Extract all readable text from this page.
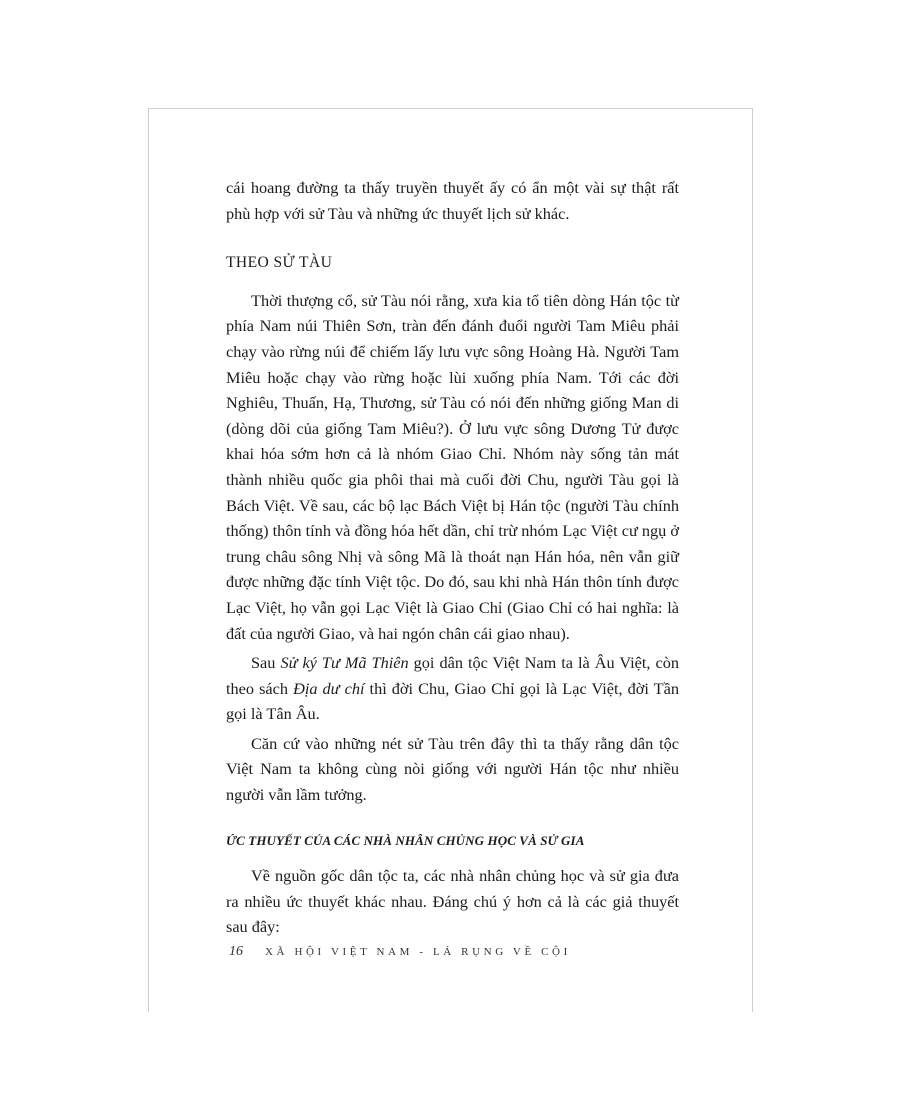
cái hoang đường ta thấy truyền thuyết ấy có ẩn một vài sự thật rất phù hợp với sử Tàu và những ức thuyết lịch sử khác.

THEO SỬ TÀU

Thời thượng cổ, sử Tàu nói rằng, xưa kia tổ tiên dòng Hán tộc từ phía Nam núi Thiên Sơn, tràn đến đánh đuổi người Tam Miêu phải chạy vào rừng núi để chiếm lấy lưu vực sông Hoàng Hà. Người Tam Miêu hoặc chạy vào rừng hoặc lùi xuống phía Nam. Tới các đời Nghiêu, Thuấn, Hạ, Thương, sử Tàu có nói đến những giống Man di (dòng dõi của giống Tam Miêu?). Ở lưu vực sông Dương Tử được khai hóa sớm hơn cả là nhóm Giao Chỉ. Nhóm này sống tản mát thành nhiều quốc gia phôi thai mà cuối đời Chu, người Tàu gọi là Bách Việt. Về sau, các bộ lạc Bách Việt bị Hán tộc (người Tàu chính thống) thôn tính và đồng hóa hết dần, chỉ trừ nhóm Lạc Việt cư ngụ ở trung châu sông Nhị và sông Mã là thoát nạn Hán hóa, nên vẫn giữ được những đặc tính Việt tộc. Do đó, sau khi nhà Hán thôn tính được Lạc Việt, họ vẫn gọi Lạc Việt là Giao Chỉ (Giao Chỉ có hai nghĩa: là đất của người Giao, và hai ngón chân cái giao nhau).

Sau Sử ký Tư Mã Thiên gọi dân tộc Việt Nam ta là Âu Việt, còn theo sách Địa dư chí thì đời Chu, Giao Chỉ gọi là Lạc Việt, đời Tần gọi là Tân Âu.

Căn cứ vào những nét sử Tàu trên đây thì ta thấy rằng dân tộc Việt Nam ta không cùng nòi giống với người Hán tộc như nhiều người vẫn lầm tưởng.

ỨC THUYẾT CỦA CÁC NHÀ NHÂN CHỦNG HỌC VÀ SỬ GIA

Về nguồn gốc dân tộc ta, các nhà nhân chủng học và sử gia đưa ra nhiều ức thuyết khác nhau. Đáng chú ý hơn cả là các giả thuyết sau đây:

16 XÃ HỘI VIỆT NAM - LÁ RỤNG VỀ CỘI
